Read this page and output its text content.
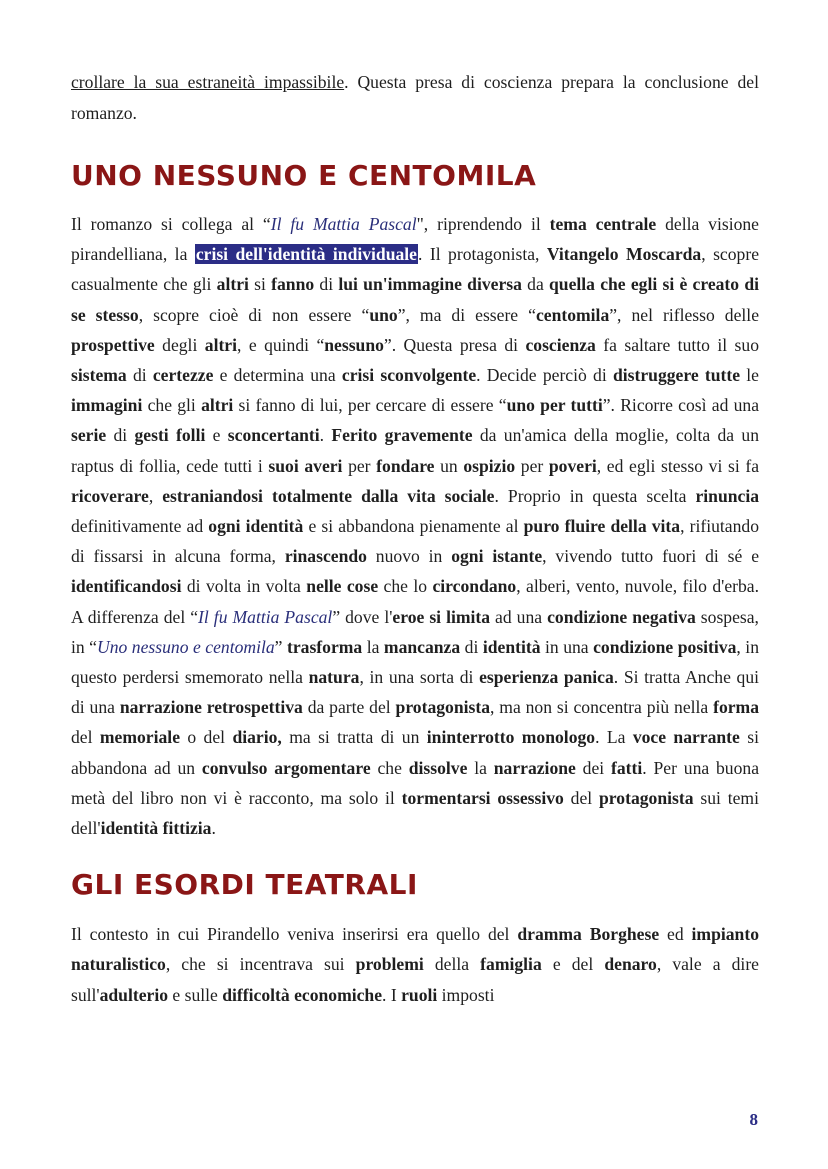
crollare la sua estraneità impassibile. Questa presa di coscienza prepara la conclusione del romanzo.

UNO NESSUNO E CENTOMILA

Il romanzo si collega al “Il fu Mattia Pascal", riprendendo il tema centrale della visione pirandelliana, la crisi dell'identità individuale. Il protagonista, Vitangelo Moscarda, scopre casualmente che gli altri si fanno di lui un'immagine diversa da quella che egli si è creato di se stesso, scopre cioè di non essere “uno”, ma di essere “centomila”, nel riflesso delle prospettive degli altri, e quindi “nessuno”. Questa presa di coscienza fa saltare tutto il suo sistema di certezze e determina una crisi sconvolgente. Decide perciò di distruggere tutte le immagini che gli altri si fanno di lui, per cercare di essere “uno per tutti”. Ricorre così ad una serie di gesti folli e sconcertanti. Ferito gravemente da un'amica della moglie, colta da un raptus di follia, cede tutti i suoi averi per fondare un ospizio per poveri, ed egli stesso vi si fa ricoverare, estraniandosi totalmente dalla vita sociale. Proprio in questa scelta rinuncia definitivamente ad ogni identità e si abbandona pienamente al puro fluire della vita, rifiutando di fissarsi in alcuna forma, rinascendo nuovo in ogni istante, vivendo tutto fuori di sé e identificandosi di volta in volta nelle cose che lo circondano, alberi, vento, nuvole, filo d'erba. A differenza del “Il fu Mattia Pascal” dove l'eroe si limita ad una condizione negativa sospesa, in “Uno nessuno e centomila” trasforma la mancanza di identità in una condizione positiva, in questo perdersi smemorato nella natura, in una sorta di esperienza panica. Si tratta Anche qui di una narrazione retrospettiva da parte del protagonista, ma non si concentra più nella forma del memoriale o del diario, ma si tratta di un ininterrotto monologo. La voce narrante si abbandona ad un convulso argomentare che dissolve la narrazione dei fatti. Per una buona metà del libro non vi è racconto, ma solo il tormentarsi ossessivo del protagonista sui temi dell'identità fittizia.

GLI ESORDI TEATRALI

Il contesto in cui Pirandello veniva inserirsi era quello del dramma Borghese ed impianto naturalistico, che si incentrava sui problemi della famiglia e del denaro, vale a dire sull'adulterio e sulle difficoltà economiche. I ruoli imposti

8
